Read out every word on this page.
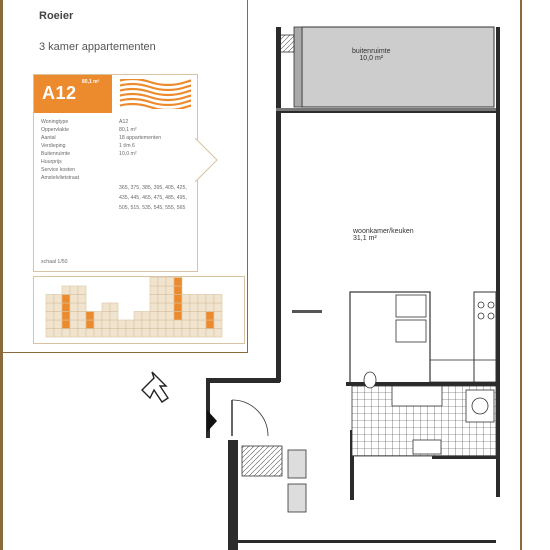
Roeier
3 kamer appartementen
A12
80,1 m²
Woningtype	A12
Oppervlakte	80,1 m²
Aantal	18 appartementen
Verdieping	1 t/m 6
Buitenruimte	10,0 m²
Huurprijs
Service kosten
Amstelvlietstraat
365, 375, 385, 395, 405, 425, 435, 445, 465, 475, 485, 495, 505, 515, 535, 545, 555, 565
schaal 1/50
buitenruimte
10,0 m²
woonkamer/keuken
31,1 m²
